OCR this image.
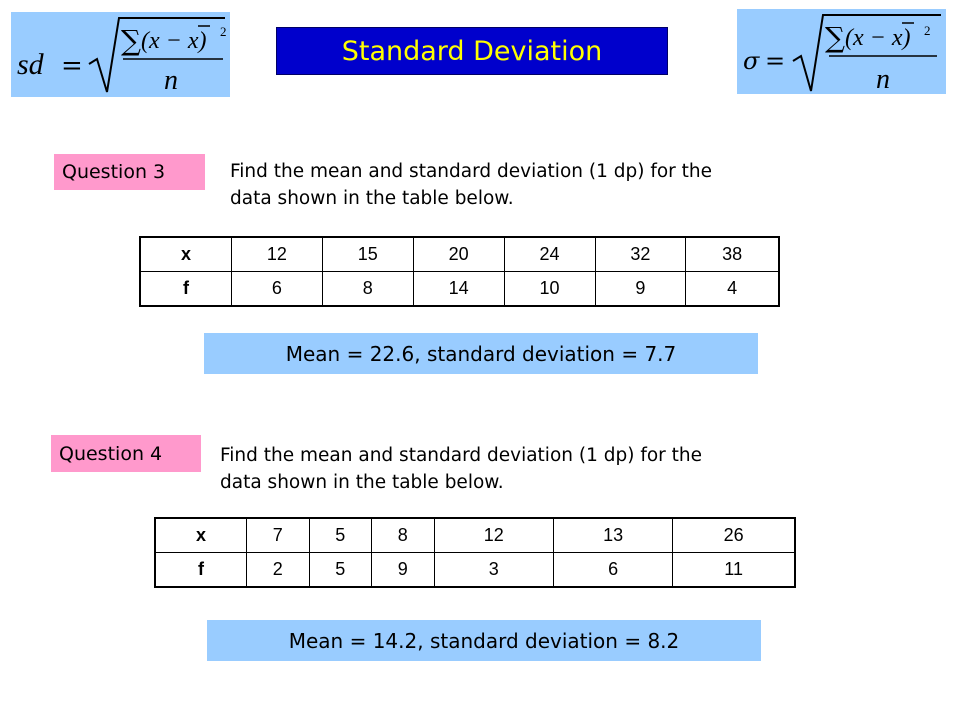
sd =
∑ (x − x) 2
n
Standard Deviation	σ =
∑ (x − x) 2
n
Question 3	Find the mean and standard deviation (1 dp) for the
data shown in the table below.
x	12	15	20	24	32	38
f	6	8	14	10	9	4
Mean = 22.6, standard deviation = 7.7
Question 4	Find the mean and standard deviation (1 dp) for the
data shown in the table below.
x	7	5	8	12	13	26
f	2	5	9	3	6	11
Mean = 14.2, standard deviation = 8.2
